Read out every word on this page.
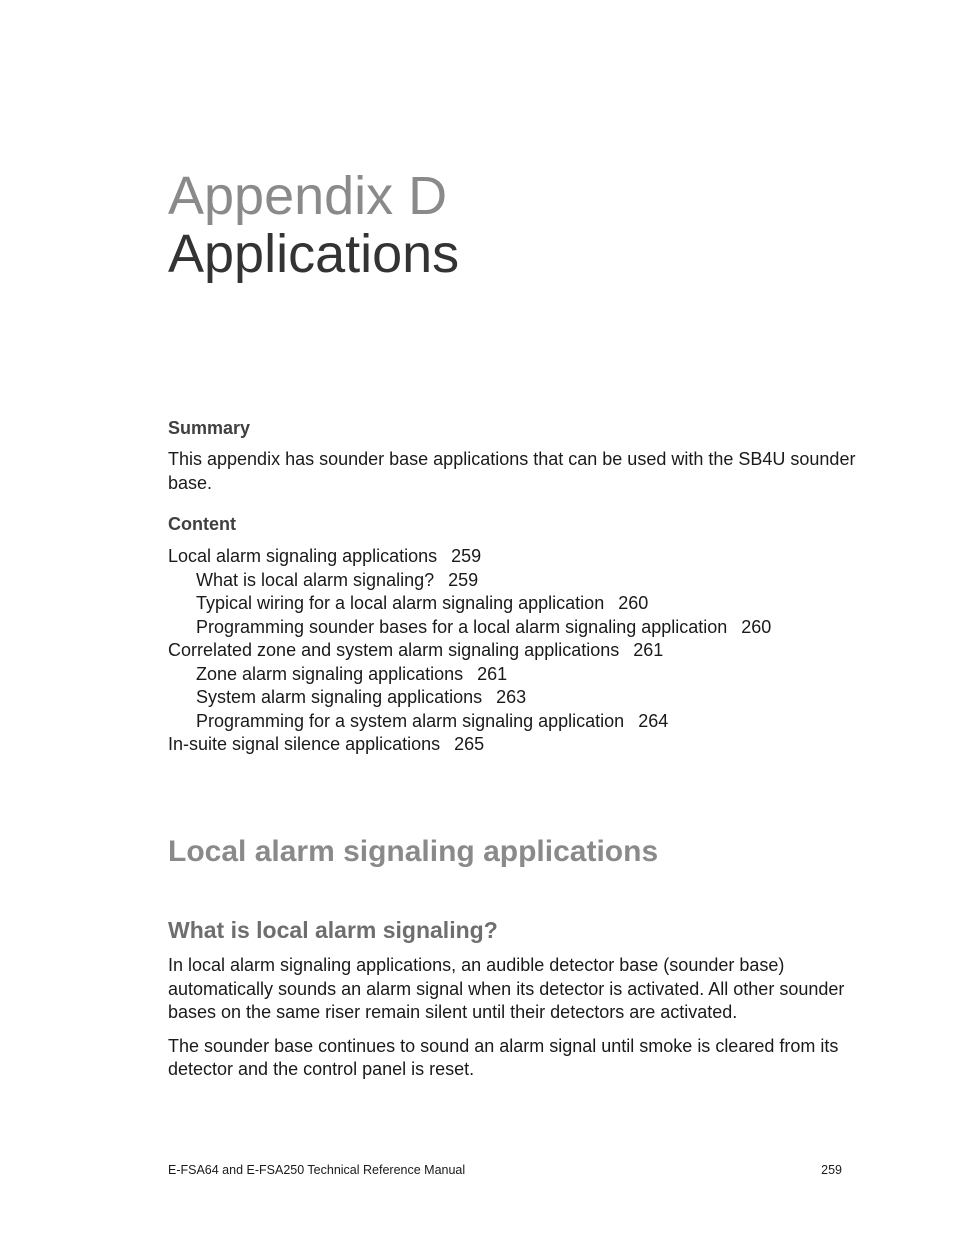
Appendix D
Applications

Summary

This appendix has sounder base applications that can be used with the SB4U sounder base.

Content

Local alarm signaling applications 259
What is local alarm signaling? 259
Typical wiring for a local alarm signaling application 260
Programming sounder bases for a local alarm signaling application 260
Correlated zone and system alarm signaling applications 261
Zone alarm signaling applications 261
System alarm signaling applications 263
Programming for a system alarm signaling application 264
In-suite signal silence applications 265
Local alarm signaling applications
What is local alarm signaling?

In local alarm signaling applications, an audible detector base (sounder base) automatically sounds an alarm signal when its detector is activated. All other sounder bases on the same riser remain silent until their detectors are activated.

The sounder base continues to sound an alarm signal until smoke is cleared from its detector and the control panel is reset.

E-FSA64 and E-FSA250 Technical Reference Manual	259
